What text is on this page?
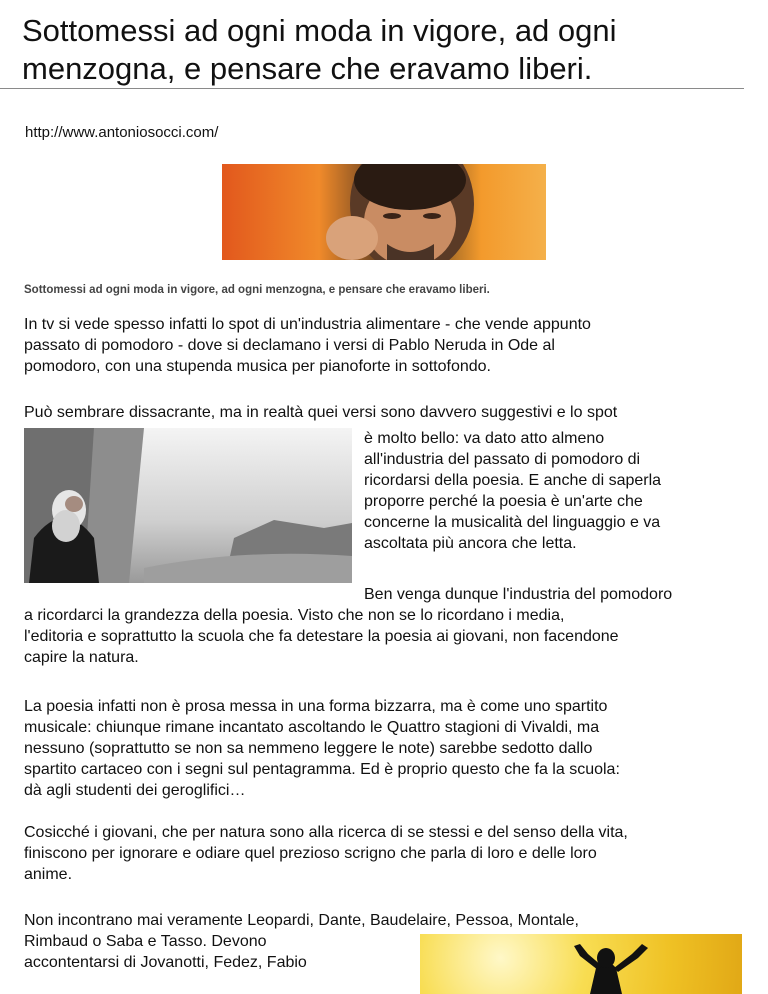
Sottomessi ad ogni moda in vigore, ad ogni menzogna, e pensare che eravamo liberi.
http://www.antoniosocci.com/
Sottomessi ad ogni moda in vigore, ad ogni menzogna, e pensare che eravamo liberi.

In tv si vede spesso infatti lo spot di un'industria alimentare - che vende appunto
passato di pomodoro - dove si declamano i versi di Pablo Neruda in Ode al
pomodoro, con una stupenda musica per pianoforte in sottofondo.

Può sembrare dissacrante, ma in realtà quei versi sono davvero suggestivi e lo spot

è molto bello: va dato atto almeno
all'industria del passato di pomodoro di
ricordarsi della poesia. E anche di saperla
proporre perché la poesia è un'arte che
concerne la musicalità del linguaggio e va
ascoltata più ancora che letta.

Ben venga dunque l'industria del pomodoro

a ricordarci la grandezza della poesia. Visto che non se lo ricordano i media,
l'editoria e soprattutto la scuola che fa detestare la poesia ai giovani, non facendone
capire la natura.

La poesia infatti non è prosa messa in una forma bizzarra, ma è come uno spartito
musicale: chiunque rimane incantato ascoltando le Quattro stagioni di Vivaldi, ma
nessuno (soprattutto se non sa nemmeno leggere le note) sarebbe sedotto dallo
spartito cartaceo con i segni sul pentagramma. Ed è proprio questo che fa la scuola:
dà agli studenti dei geroglifici…

Cosicché i giovani, che per natura sono alla ricerca di se stessi e del senso della vita,
finiscono per ignorare e odiare quel prezioso scrigno che parla di loro e delle loro
anime.

Non incontrano mai veramente Leopardi, Dante, Baudelaire, Pessoa, Montale,

Rimbaud o Saba e Tasso. Devono
accontentarsi di Jovanotti, Fedez, Fabio
